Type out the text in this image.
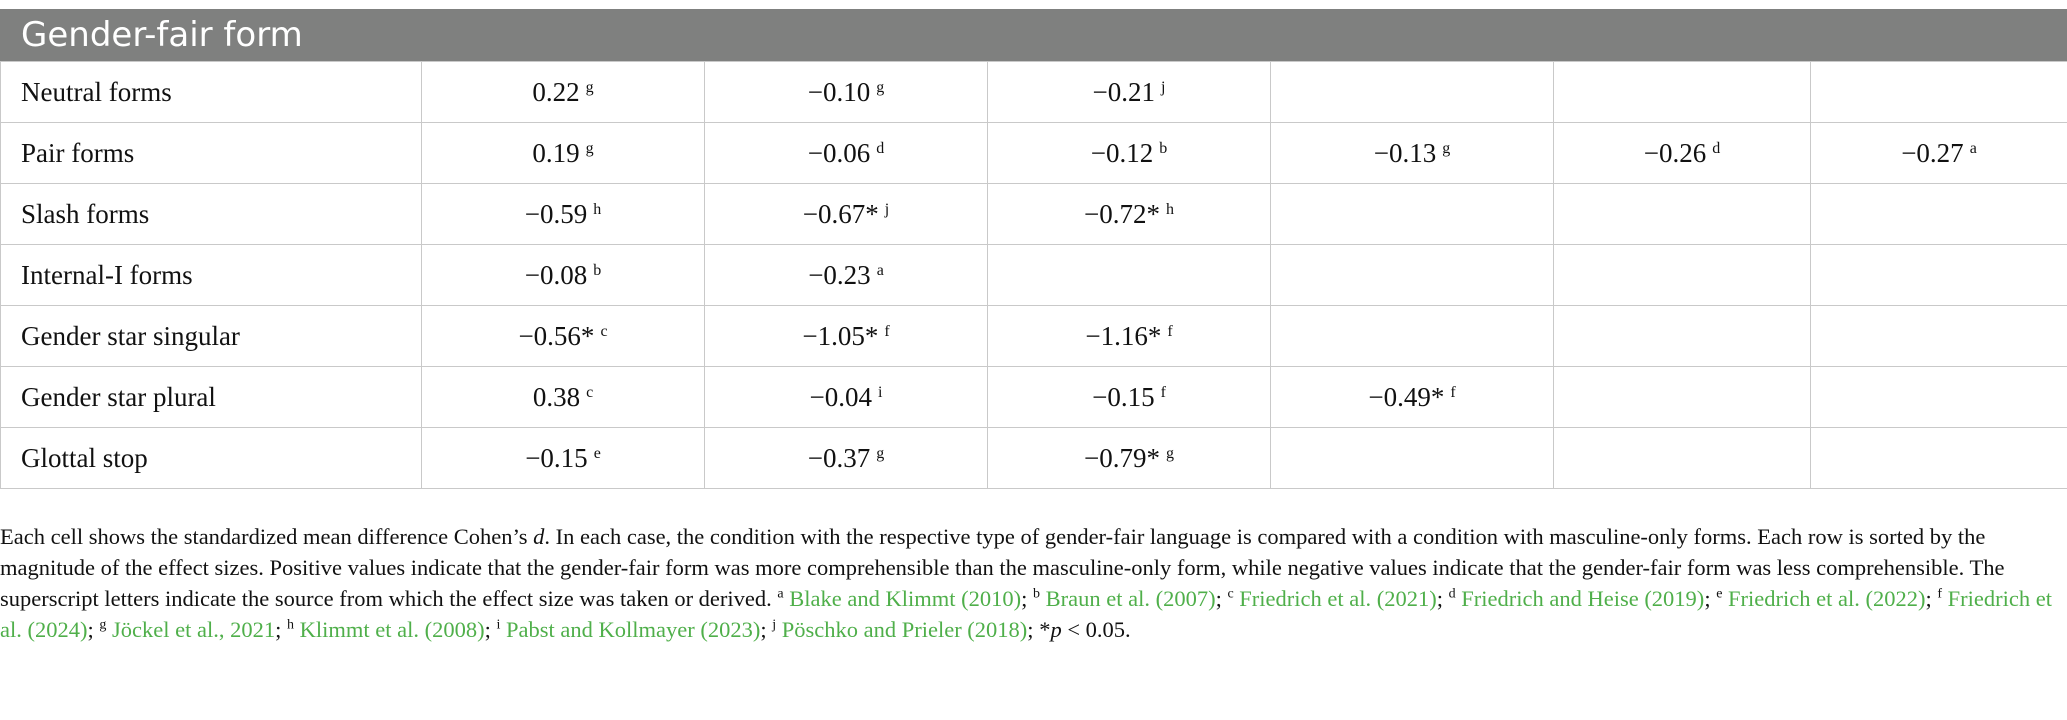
Gender-fair form
Neutral forms	0.22 $^g$	−0.10 $^g$	−0.21 $^j$			
Pair forms	0.19 $^g$	−0.06 $^d$	−0.12 $^b$	−0.13 $^g$	−0.26 $^d$	−0.27 $^a$
Slash forms	−0.59 $^h$	−0.67* $^j$	−0.72* $^h$			
Internal-I forms	−0.08 $^b$	−0.23 $^a$				
Gender star singular	−0.56* $^c$	−1.05* $^f$	−1.16* $^f$			
Gender star plural	0.38 $^c$	−0.04 $^i$	−0.15 $^f$	−0.49* $^f$		
Glottal stop	−0.15 $^e$	−0.37 $^g$	−0.79* $^g$			
Each cell shows the standardized mean difference Cohen’s d. In each case, the condition with the respective type of gender-fair language is compared with a condition with masculine-only forms. Each row is sorted by the magnitude of the effect sizes. Positive values indicate that the gender-fair form was more comprehensible than the masculine-only form, while negative values indicate that the gender-fair form was less comprehensible. The superscript letters indicate the source from which the effect size was taken or derived. $^a$ Blake and Klimmt (2010); $^b$ Braun et al. (2007); $^c$ Friedrich et al. (2021); $^d$ Friedrich and Heise (2019); $^e$ Friedrich et al. (2022); $^f$ Friedrich et al. (2024); $^g$ Jöckel et al., 2021; $^h$ Klimmt et al. (2008); $^i$ Pabst and Kollmayer (2023); $^j$ Pöschko and Prieler (2018); *p < 0.05.
